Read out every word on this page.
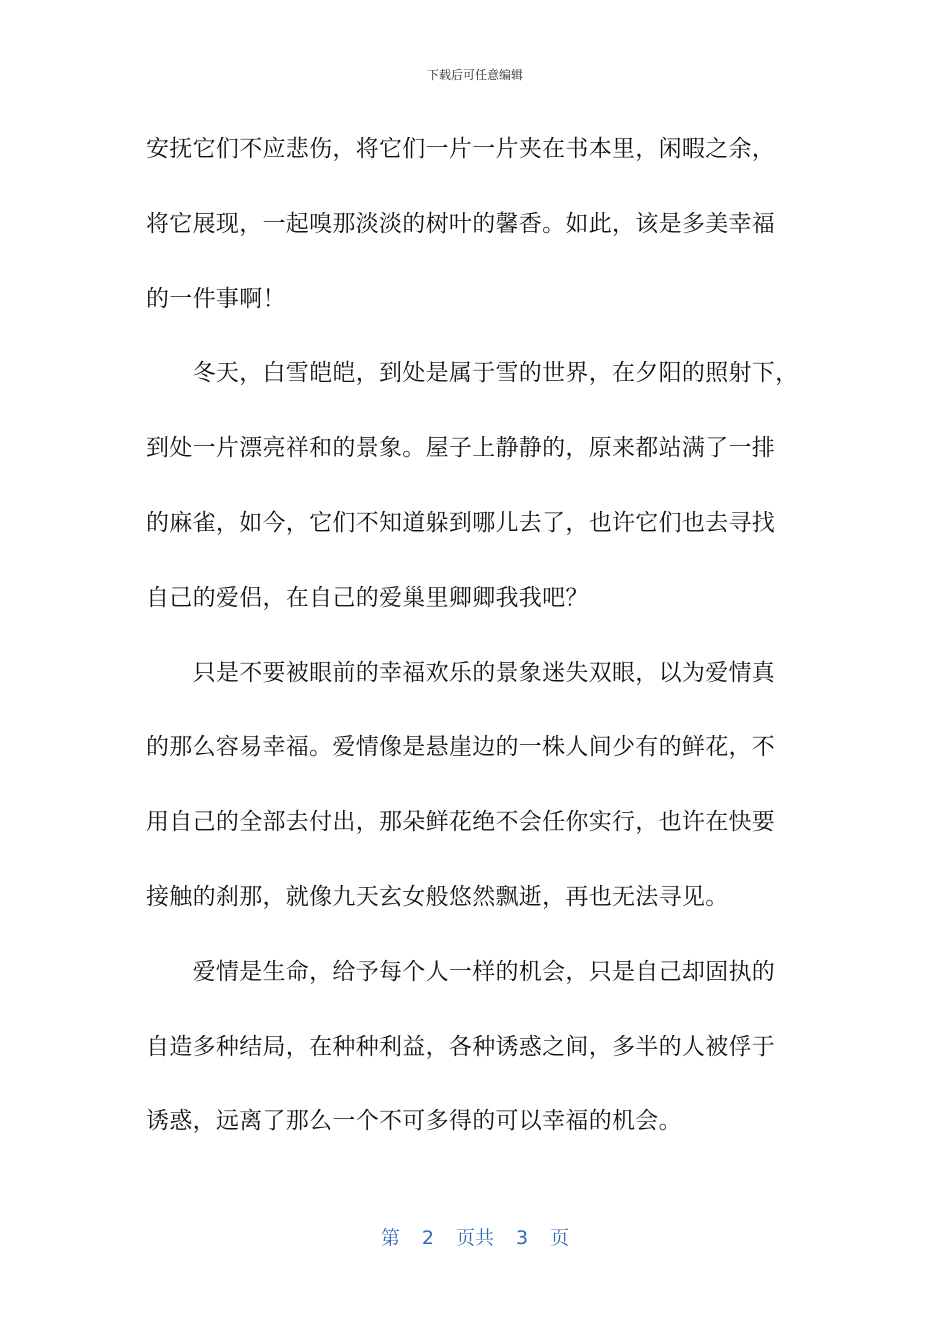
下载后可任意编辑

安抚它们不应悲伤，将它们一片一片夹在书本里，闲暇之余，
将它展现，一起嗅那淡淡的树叶的馨香。如此，该是多美幸福
的一件事啊！

　　冬天，白雪皑皑，到处是属于雪的世界，在夕阳的照射下，
到处一片漂亮祥和的景象。屋子上静静的，原来都站满了一排
的麻雀，如今，它们不知道躲到哪儿去了，也许它们也去寻找
自己的爱侣，在自己的爱巢里卿卿我我吧？

　　只是不要被眼前的幸福欢乐的景象迷失双眼，以为爱情真
的那么容易幸福。爱情像是悬崖边的一株人间少有的鲜花，不
用自己的全部去付出，那朵鲜花绝不会任你实行，也许在快要
接触的刹那，就像九天玄女般悠然飘逝，再也无法寻见。

　　爱情是生命，给予每个人一样的机会，只是自己却固执的
自造多种结局，在种种利益，各种诱惑之间，多半的人被俘于
诱惑，远离了那么一个不可多得的可以幸福的机会。

第 2 页共 3 页
